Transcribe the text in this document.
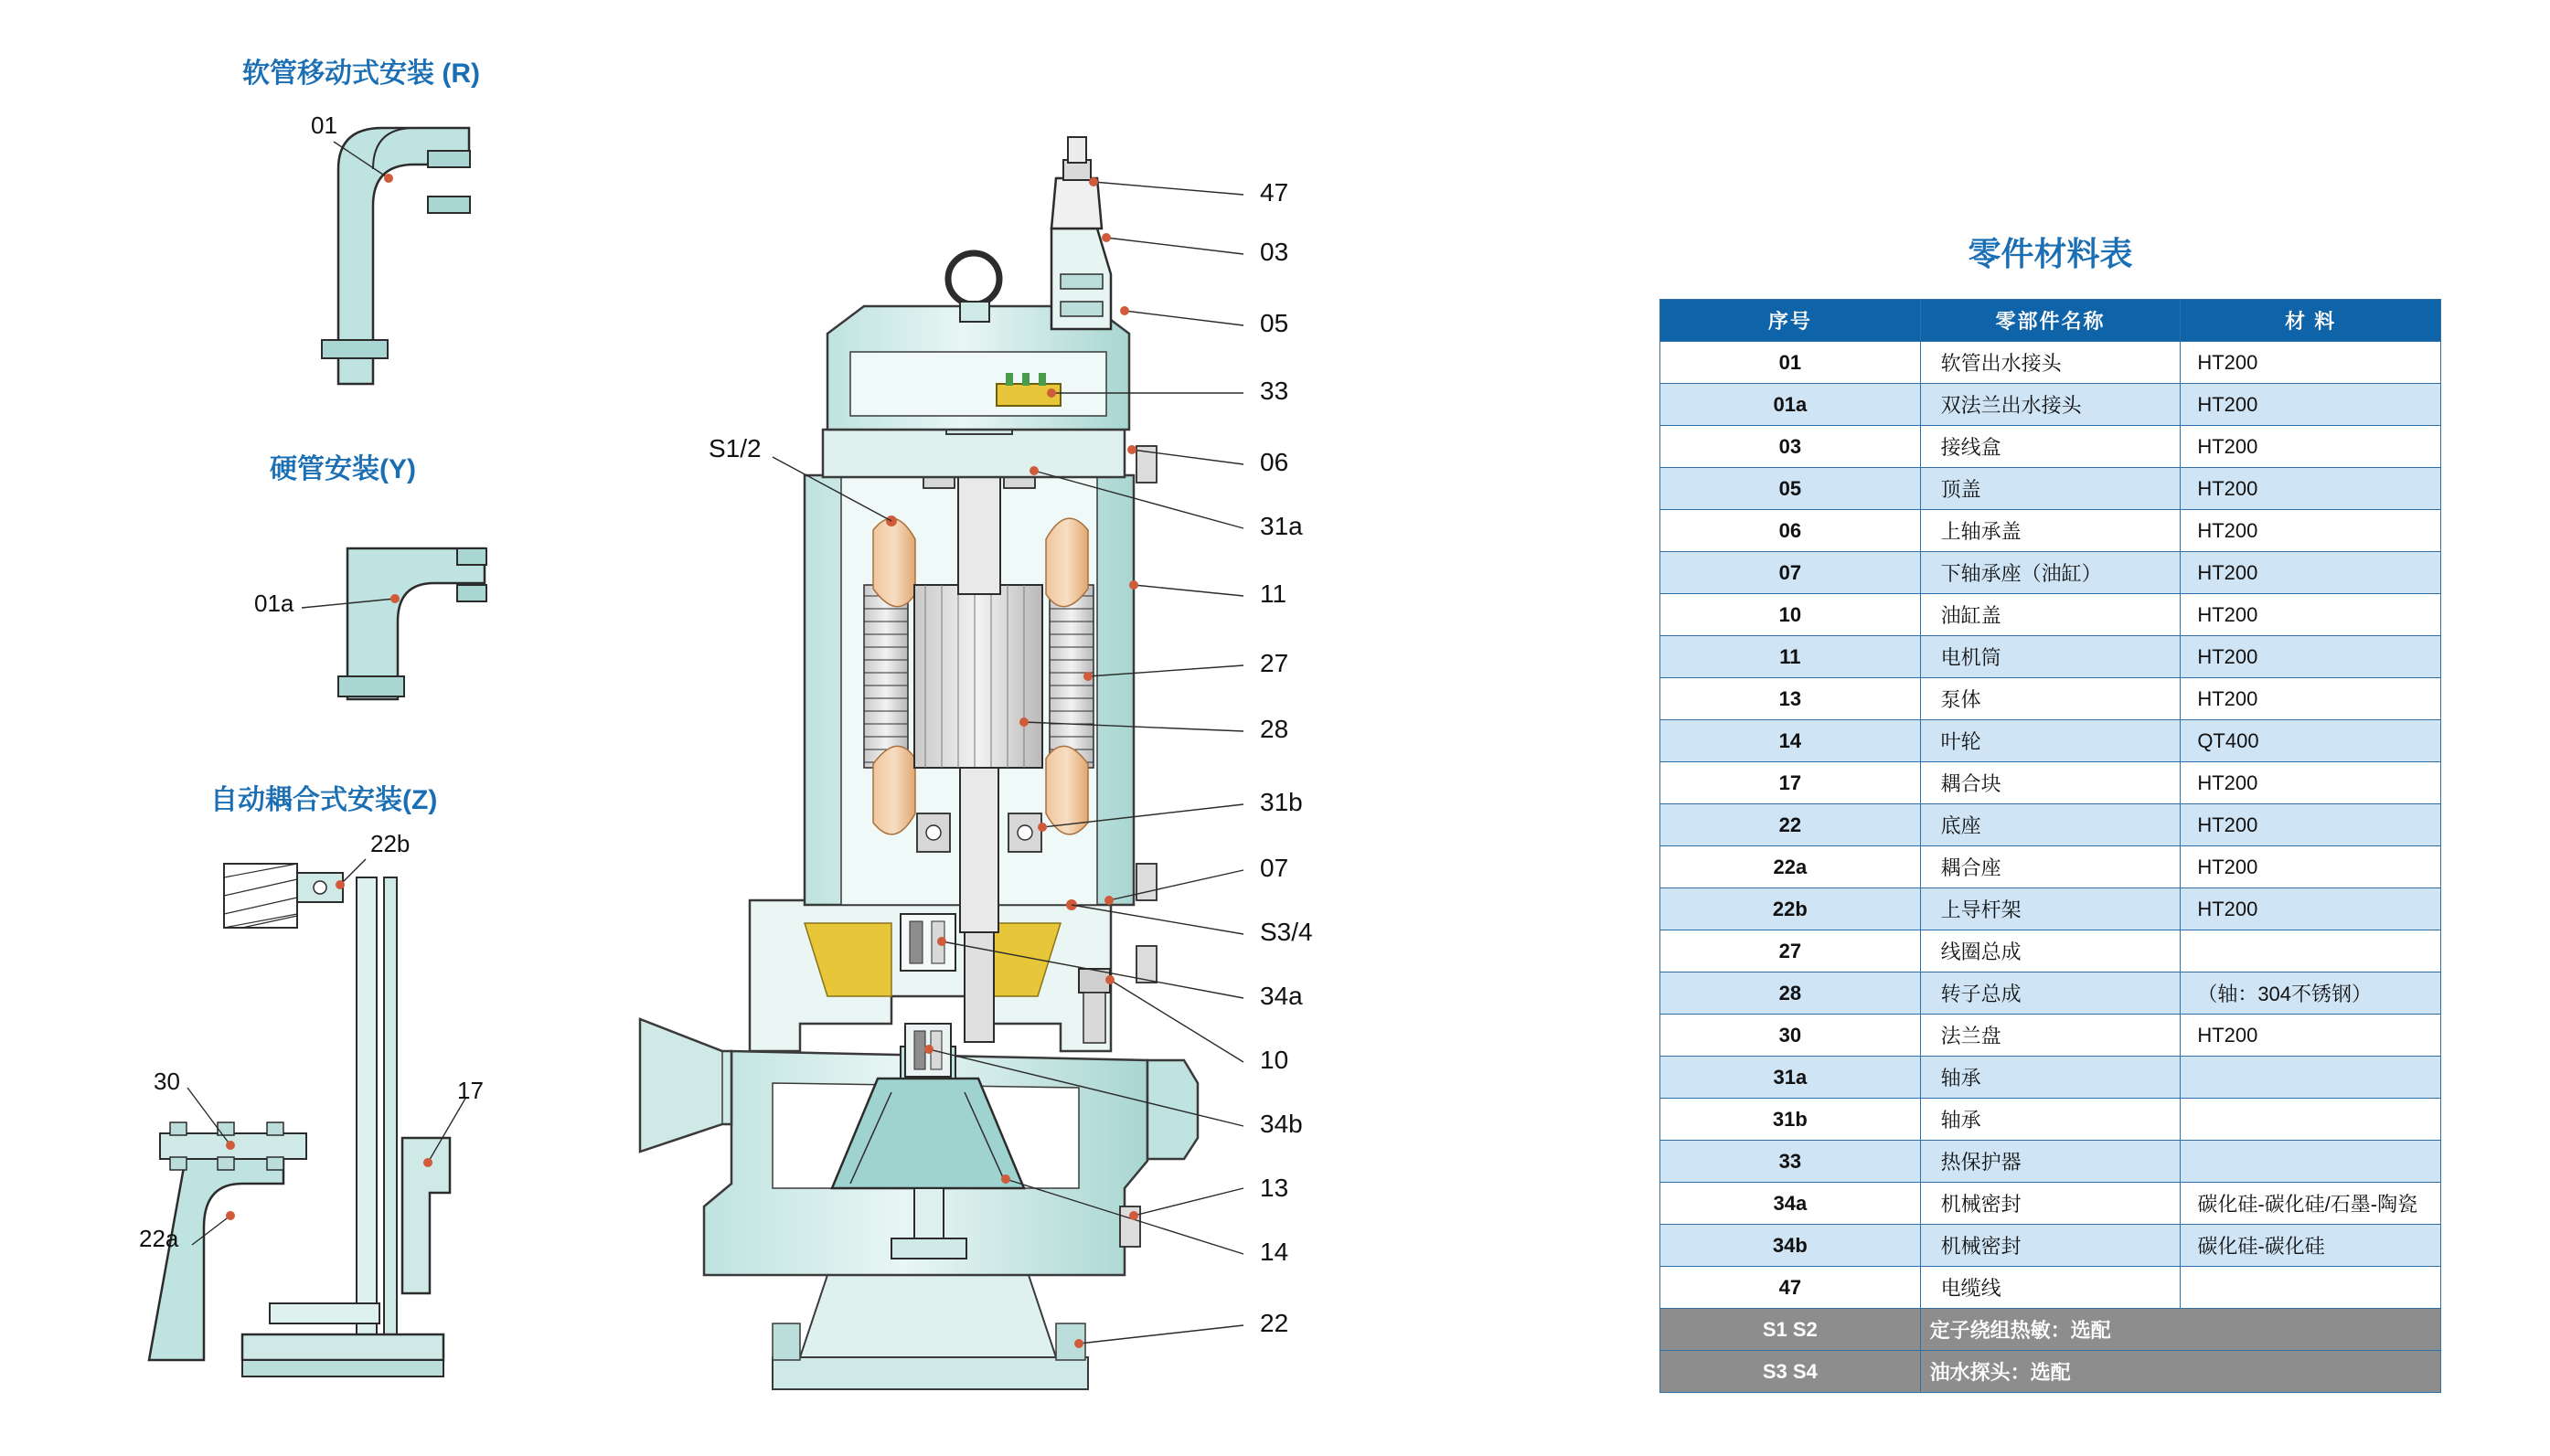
软管移动式安装 (R)
01
硬管安装(Y)
01a
自动耦合式安装(Z)
22b
30	17
22a
S1/2
47
03
05
33
06
31a
11
27
28
31b
07
S3/4
34a
10
34b
13
14
22
零件材料表
序号	零部件名称	材 料
01	软管出水接头	HT200
01a	双法兰出水接头	HT200
03	接线盒	HT200
05	顶盖	HT200
06	上轴承盖	HT200
07	下轴承座（油缸）	HT200
10	油缸盖	HT200
11	电机筒	HT200
13	泵体	HT200
14	叶轮	QT400
17	耦合块	HT200
22	底座	HT200
22a	耦合座	HT200
22b	上导杆架	HT200
27	线圈总成	
28	转子总成	（轴：304不锈钢）
30	法兰盘	HT200
31a	轴承	
31b	轴承	
33	热保护器	
34a	机械密封	碳化硅-碳化硅/石墨-陶瓷
34b	机械密封	碳化硅-碳化硅
47	电缆线	
S1 S2	定子绕组热敏：选配	
S3 S4	油水探头：选配	
